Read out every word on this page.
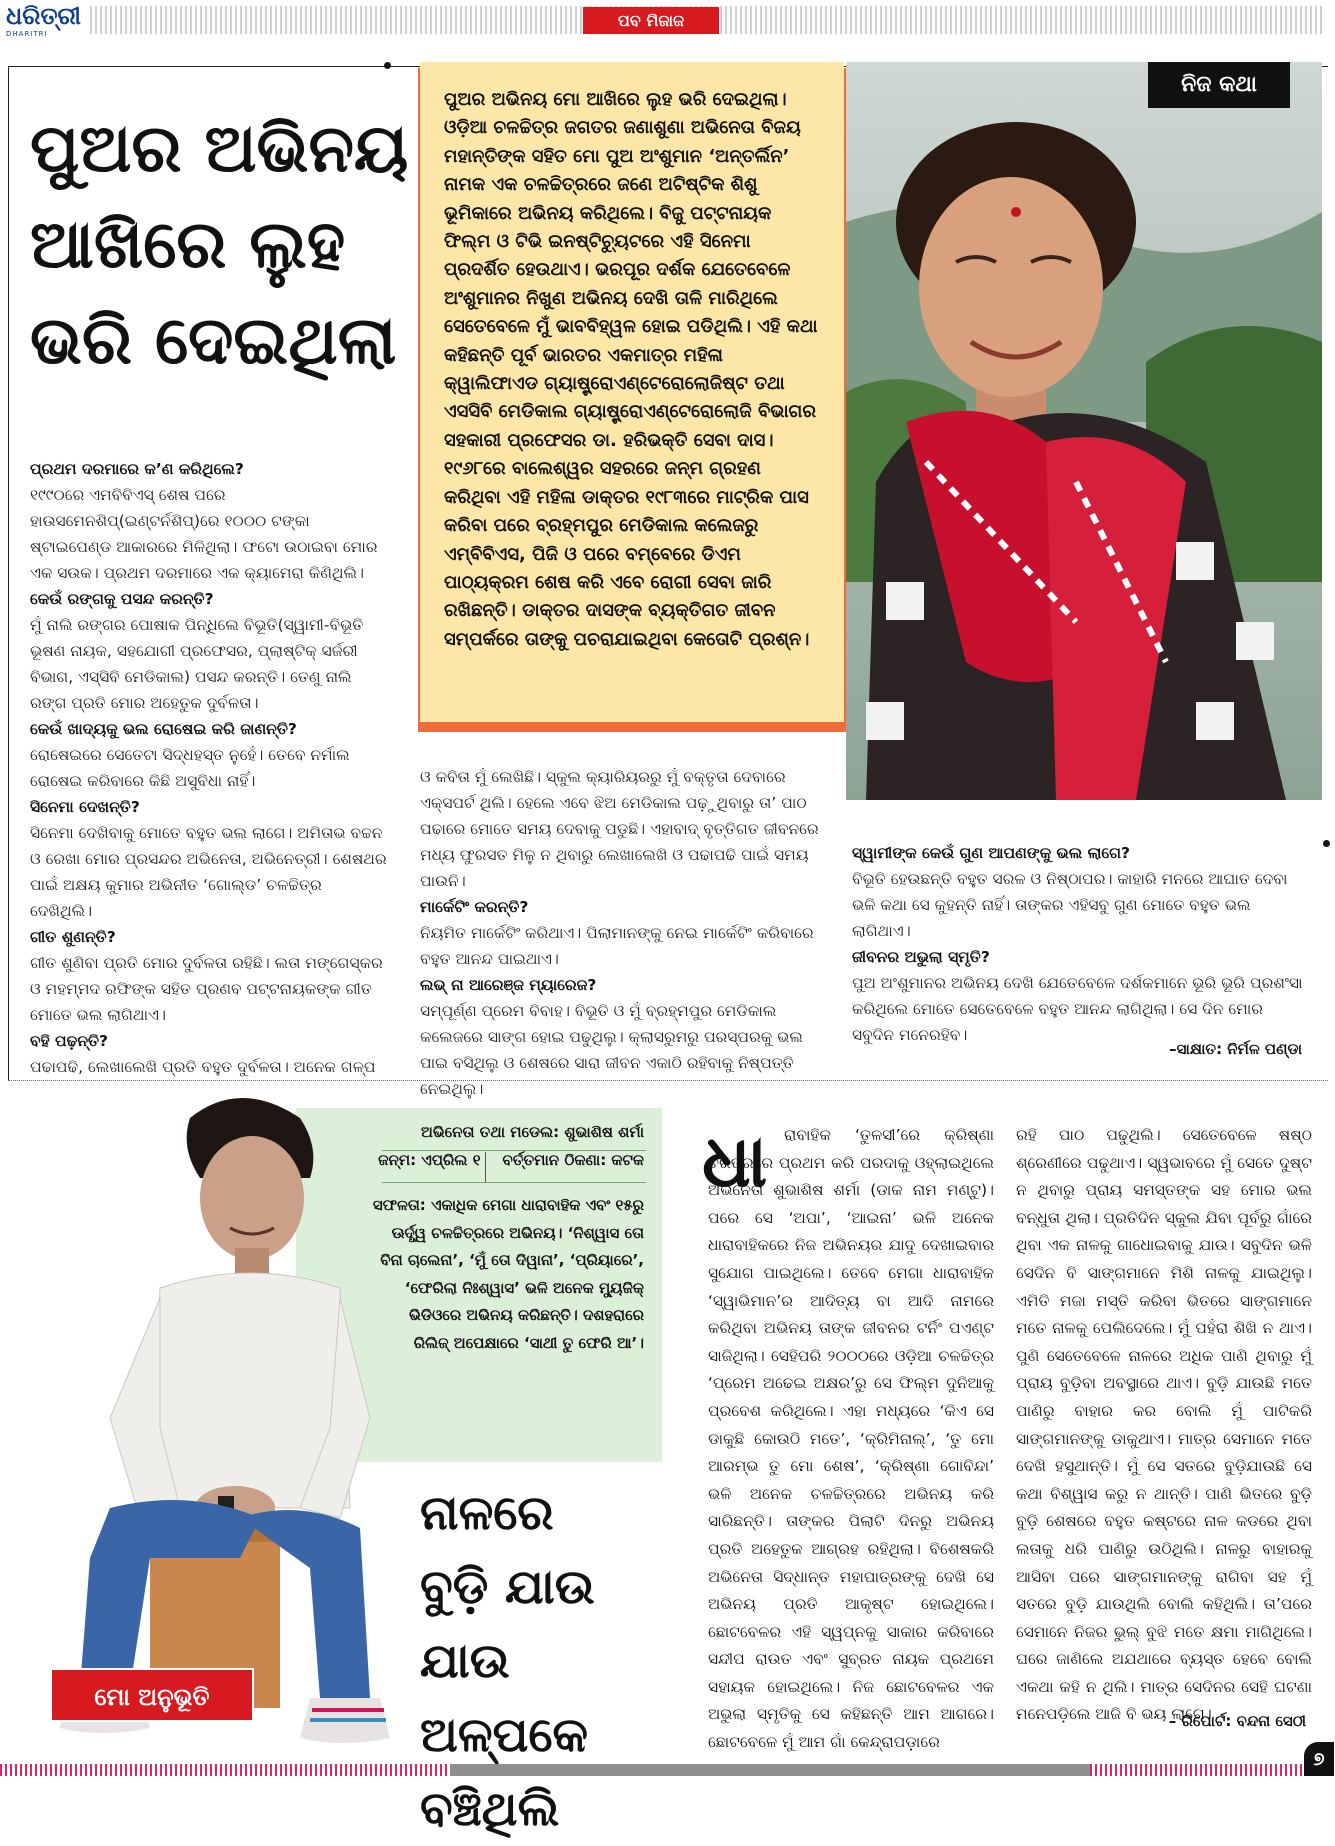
ଧରିତ୍ରୀ
DHARITRI
ପବ ମିଜାଜ
ପୁଅର ଅଭିନୟ
ଆଖିରେ ଲୁହ
ଭରି ଦେଇଥିଲା

ପୁଅର ଅଭିନୟ ମୋ ଆଖିରେ ଲୁହ ଭରି ଦେଇଥିଲା। ଓଡ଼ିଆ ଚଳଚ୍ଚିତ୍ର ଜଗତର ଜଣାଶୁଣା ଅଭିନେତା ବିଜୟ ମହାନ୍ତିଙ୍କ ସହିତ ମୋ ପୁଅ ଅଂଶୁମାନ ‘ଅନ୍ତର୍ଲିନ’ ନାମକ ଏକ ଚଳଚ୍ଚିତ୍ରରେ ଜଣେ ଅଟିଷ୍ଟିକ ଶିଶୁ ଭୂମିକାରେ ଅଭିନୟ କରିଥିଲେ। ବିଜୁ ପଟ୍ଟନାୟକ ଫିଲ୍ମ ଓ ଟିଭି ଇନଷ୍ଟିଚ୍ୟୁଟରେ ଏହି ସିନେମା ପ୍ରଦର୍ଶିତ ହେଉଥାଏ। ଭରପୂର ଦର୍ଶକ ଯେତେବେଳେ ଅଂଶୁମାନର ନିଖୁଣ ଅଭିନୟ ଦେଖି ତାଳି ମାରିଥିଲେ ସେତେବେଳେ ମୁଁ ଭାବବିହ୍ୱଳ ହୋଇ ପଡିଥିଲି। ଏହି କଥା କହିଛନ୍ତି ପୂର୍ବ ଭାରତର ଏକମାତ୍ର ମହିଳା କ୍ୱାଲିଫାଏଡ ଗ୍ୟାଷ୍ଟ୍ରୋଏଣ୍ଟେରୋଲୋଜିଷ୍ଟ ତଥା ଏସସିବି ମେଡିକାଲ ଗ୍ୟାଷ୍ଟ୍ରୋଏଣ୍ଟେରୋଲୋଜି ବିଭାଗର ସହକାରୀ ପ୍ରଫେସର ଡା. ହରିଭକ୍ତି ସେବା ଦାସ। ୧୯୬୮ରେ ବାଲେଶ୍ୱର ସହରରେ ଜନ୍ମ ଗ୍ରହଣ କରିଥିବା ଏହି ମହିଳା ଡାକ୍ତର ୧୯୮୩ରେ ମାଟ୍ରିକ ପାସ କରିବା ପରେ ବ୍ରହ୍ମପୁର ମେଡିକାଲ କଲେଜରୁ ଏମ୍‌ବିବିଏସ, ପିଜି ଓ ପରେ ବମ୍ବେରେ ଡିଏମ ପାଠ୍ୟକ୍ରମ ଶେଷ କରି ଏବେ ରୋଗୀ ସେବା ଜାରି ରଖିଛନ୍ତି। ଡାକ୍ତର ଦାସଙ୍କ ବ୍ୟକ୍ତିଗତ ଜୀବନ ସମ୍ପର୍କରେ ତାଙ୍କୁ ପଚରାଯାଇଥିବା କେତୋଟି ପ୍ରଶ୍ନ।

ନିଜ କଥା
ପ୍ରଥମ ଦରମାରେ କ’ଣ କରିଥିଲେ?
୧୯୯୦ରେ ଏମବିବିଏସ୍ ଶେଷ ପରେ ହାଉସମେନଶିପ୍(ଇଣ୍ଟର୍ନଶିପ୍)ରେ ୧୦୦୦ ଟଙ୍କା ଷ୍ଟାଇପେଣ୍ଡ ଆକାରରେ ମିଳିଥିଲା। ଫଟୋ ଉଠାଇବା ମୋର ଏକ ସଉକ। ପ୍ରଥମ ଦରମାରେ ଏକ କ୍ୟାମେରା କିଣିଥିଲି।
କେଉଁ ରଙ୍ଗକୁ ପସନ୍ଦ କରନ୍ତି?
ମୁଁ ନାଲି ରଙ୍ଗର ପୋଷାକ ପିନ୍ଧିଲେ ବିଭୂତି(ସ୍ୱାମୀ-ବିଭୂତି ଭୂଷଣ ନାୟକ, ସହଯୋଗୀ ପ୍ରଫେସର, ପ୍ଲାଷ୍ଟିକ୍ ସର୍ଜରୀ ବିଭାଗ, ଏସ୍‌ସିବି ମେଡିକାଲ) ପସନ୍ଦ କରନ୍ତି। ତେଣୁ ନାଲି ରଙ୍ଗ ପ୍ରତି ମୋର ଅହେତୁକ ଦୁର୍ବଳତା।
କେଉଁ ଖାଦ୍ୟକୁ ଭଲ ରୋଷେଇ କରି ଜାଣନ୍ତି?
ରୋଷେଇରେ ସେତେଟା ସିଦ୍ଧହସ୍ତ ନୁହେଁ। ତେବେ ନର୍ମାଲ ରୋଷେଇ କରିବାରେ କିଛି ଅସୁବିଧା ନାହିଁ।
ସିନେମା ଦେଖନ୍ତି?
ସିନେମା ଦେଖିବାକୁ ମୋତେ ବହୁତ ଭଲ ଲାଗେ। ଅମିତାଭ ବଚ୍ଚନ ଓ ରେଖା ମୋର ପ୍ରସନ୍ଦର ଅଭିନେତା, ଅଭିନେତ୍ରୀ। ଶେଷଥର ପାଇଁ ଅକ୍ଷୟ କୁମାର ଅଭିନୀତ ‘ଗୋଲ୍ଡ’ ଚଳଚ୍ଚିତ୍ର ଦେଖିଥିଲି।
ଗୀତ ଶୁଣନ୍ତି?
ଗୀତ ଶୁଣିବା ପ୍ରତି ମୋର ଦୁର୍ବଳତା ରହିଛି। ଲତା ମଙ୍ଗେସ୍କର ଓ ମହମ୍ମଦ ରଫିଙ୍କ ସହିତ ପ୍ରଣବ ପଟ୍ଟନାୟକଙ୍କ ଗୀତ ମୋତେ ଭଲ ଲାଗିଥାଏ।
ବହି ପଢ଼ନ୍ତି?
ପଢାପଢି, ଲେଖାଲେଖି ପ୍ରତି ବହୁତ ଦୁର୍ବଳତା। ଅନେକ ଗଳ୍ପ
ଓ କବିତା ମୁଁ ଲେଖିଛି। ସ୍କୁଲ କ୍ୟାରିୟରରୁ ମୁଁ ବକ୍ତୃତା ଦେବାରେ ଏକ୍ସପର୍ଟ ଥିଲି। ହେଲେ ଏବେ ଝିଅ ମେଡିକାଲ ପଢ଼ୁଥିବାରୁ ତା’ ପାଠ ପଢାରେ ମୋତେ ସମୟ ଦେବାକୁ ପଡୁଛି। ଏହାବାଦ୍ ବୃତ୍ତିଗତ ଜୀବନରେ ମଧ୍ୟ ଫୁରସତ ମିଳୁ ନ ଥିବାରୁ ଲେଖାଲେଖି ଓ ପଢାପଢି ପାଇଁ ସମୟ ପାଉନି।
ମାର୍କେଟିଂ କରନ୍ତି?
ନିୟମିତ ମାର୍କେଟିଂ କରିଥାଏ। ପିଲାମାନଙ୍କୁ ନେଇ ମାର୍କେଟିଂ କରିବାରେ ବହୁତ ଆନନ୍ଦ ପାଇଥାଏ।
ଲଭ୍ ନା ଆରେଞ୍ଜ ମ୍ୟାରେଜ?
ସମ୍ପୂର୍ଣ୍ଣ ପ୍ରେମ ବିବାହ। ବିଭୂତି ଓ ମୁଁ ବ୍ରହ୍ମପୁର ମେଡିକାଲ କଲେଜରେ ସାଙ୍ଗ ହୋଇ ପଢୁଥିଲୁ। କ୍ଲାସରୁମରୁ ପରସ୍ପରକୁ ଭଲ ପାଇ ବସିଥିଲୁ ଓ ଶେଷରେ ସାରା ଜୀବନ ଏକାଠି ରହିବାକୁ ନିଷ୍ପତ୍ତି ନେଇଥିଲୁ।
ସ୍ୱାମୀଙ୍କ କେଉଁ ଗୁଣ ଆପଣଙ୍କୁ ଭଲ ଲାଗେ?
ବିଭୂତି ହେଉଛନ୍ତି ବହୁତ ସରଳ ଓ ନିଷ୍ଠାପର। କାହାରି ମନରେ ଆଘାତ ଦେବା ଭଳି କଥା ସେ କୁହନ୍ତି ନାହିଁ। ତାଙ୍କର ଏହିସବୁ ଗୁଣ ମୋତେ ବହୁତ ଭଲ ଲାଗିଥାଏ।
ଜୀବନର ଅଭୁଲା ସ୍ମୃତି?
ପୁଅ ଅଂଶୁମାନର ଅଭିନୟ ଦେଖି ଯେତେବେଳେ ଦର୍ଶକମାନେ ଭୂରି ଭୂରି ପ୍ରଶଂସା କରିଥିଲେ ମୋତେ ସେତେବେଳେ ବହୁତ ଆନନ୍ଦ ଲାଗିଥିଲା। ସେ ଦିନ ମୋର ସବୁଦିନ ମନେରହିବ।
–ସାକ୍ଷାତ: ନିର୍ମଳ ପଣ୍ଡା
ଅଭିନେତା ତଥା ମଡେଲ: ଶୁଭାଶିଷ ଶର୍ମା
ଜନ୍ମ: ଏପ୍ରିଲ ୧ ବର୍ତ୍ତମାନ ଠିକଣା: କଟକ
ସଫଳତା: ଏକାଧିକ ମେଗା ଧାରାବାହିକ ଏବଂ ୧୫ରୁ ଊର୍ଦ୍ଧ୍ୱ ଚଳଚ୍ଚିତ୍ରରେ ଅଭିନୟ। ‘ନିଶ୍ୱାସ ତୋ ବିନା ଚାଲେନା’, ‘ମୁଁ ତୋ ଦିୱାନା’, ‘ପ୍ରିୟାରେ’, ‘ଫେରିଲା ନିଃଶ୍ୱାସ’ ଭଳି ଅନେକ ମ୍ୟୁଜିକ୍ ଭିଡିଓରେ ଅଭିନୟ କରିଛନ୍ତି। ଦଶହରାରେ ରିଲିଜ୍ ଅପେକ୍ଷାରେ ‘ସାଥୀ ତୁ ଫେରି ଆ’।
ମୋ ଅନୁଭୂତି
ନାଳରେ
ବୁଡ଼ି ଯାଉ
ଯାଉ ଅଳ୍ପକେ
ବଞ୍ଚିଥିଲି
ଧା	ରାବାହିକ ‘ତୁଳସୀ’ରେ କ୍ରିଷ୍ଣା ଚରିତ୍ରରେ ପ୍ରଥମ କରି ପରଦାକୁ ଓହ୍ଲାଇଥିଲେ ଅଭିନେତା ଶୁଭାଶିଷ ଶର୍ମା (ଡାକ ନାମ ମଣ୍ଟୁ)। ପରେ ସେ ‘ଅପା’, ‘ଆଇନା’ ଭଳି ଅନେକ ଧାରାବାହିକରେ ନିଜ ଅଭିନୟର ଯାଦୁ ଦେଖାଇବାର ସୁଯୋଗ ପାଇଥିଲେ। ତେବେ ମେଗା ଧାରାବାହିକ ‘ସ୍ୱାଭିମାନ’ର ଆଦିତ୍ୟ ବା ଆଦି ନାମରେ କରିଥିବା ଅଭିନୟ ତାଙ୍କ ଜୀବନର ଟର୍ନିଂ ପଏଣ୍ଟ ସାଜିଥିଲା। ସେହିପରି ୨୦୦୦ରେ ଓଡ଼ିଆ ଚଳଚ୍ଚିତ୍ର ‘ପ୍ରେମ ଅଢେଇ ଅକ୍ଷର’ରୁ ସେ ଫିଲ୍ମ ଦୁନିଆକୁ ପ୍ରବେଶ କରିଥିଲେ। ଏହା ମଧ୍ୟରେ ‘କିଏ ସେ ଡାକୁଛି କୋଉଠି ମତେ’, ‘କ୍ରିମିନାଲ୍’, ‘ତୁ ମୋ ଆରମ୍ଭ ତୁ ମୋ ଶେଷ’, ‘କ୍ରିଷ୍ଣା ଗୋବିନ୍ଦା’ ଭଳି ଅନେକ ଚଳଚ୍ଚିତ୍ରରେ ଅଭିନୟ କରି ସାରିଛନ୍ତି। ତାଙ୍କର ପିଲାଟି ଦିନରୁ ଅଭିନୟ ପ୍ରତି ଅହେତୁକ ଆଗ୍ରହ ରହିଥିଲା। ବିଶେଷକରି ଅଭିନେତା ସିଦ୍ଧାନ୍ତ ମହାପାତ୍ରଙ୍କୁ ଦେଖି ସେ ଅଭିନୟ ପ୍ରତି ଆକୃଷ୍ଟ ହୋଇଥିଲେ। ଛୋଟବେଳର ଏହି ସ୍ୱପ୍ନକୁ ସାକାର କରିବାରେ ସନ୍ଦୀପ ରାଉତ ଏବଂ ସୁବ୍ରତ ନାୟକ ପ୍ରଥମେ ସହାୟକ ହୋଇଥିଲେ। ନିଜ ଛୋଟବେଳର ଏକ ଅଭୁଲା ସ୍ମୃତିକୁ ସେ କହିଛନ୍ତି ଆମ ଆଗରେ। ଛୋଟବେଳେ ମୁଁ ଆମ ଗାଁ କେନ୍ଦ୍ରାପଡ଼ାରେ

ରହି ପାଠ ପଢୁଥିଲି। ସେତେବେଳେ ଷଷ୍ଠ ଶ୍ରେଣୀରେ ପଢୁଥାଏ। ସ୍ୱଭାବରେ ମୁଁ ସେତେ ଦୁଷ୍ଟ ନ ଥିବାରୁ ପ୍ରାୟ ସମସ୍ତଙ୍କ ସହ ମୋର ଭଲ ବନ୍ଧୁତା ଥିଲା। ପ୍ରତିଦିନ ସ୍କୁଲ ଯିବା ପୂର୍ବରୁ ଗାଁରେ ଥିବା ଏକ ନାଳକୁ ଗାଧୋଇବାକୁ ଯାଉ। ସବୁଦିନ ଭଳି ସେଦିନ ବି ସାଙ୍ଗମାନେ ମିଶି ନାଳକୁ ଯାଇଥିଲୁ। ଏମିତି ମଜା ମସ୍ତି କରିବା ଭିତରେ ସାଙ୍ଗମାନେ ମତେ ନାଳକୁ ପେଲିଦେଲେ। ମୁଁ ପହଁରା ଶିଖି ନ ଥାଏ। ପୁଣି ସେତେବେଳେ ନାଳରେ ଅଧିକ ପାଣି ଥିବାରୁ ମୁଁ ପ୍ରାୟ ବୁଡ଼ିବା ଅବସ୍ଥାରେ ଥାଏ। ବୁଡ଼ି ଯାଉଛି ମତେ ପାଣିରୁ ବାହାର କର ବୋଲି ମୁଁ ପାଟିକରି ସାଙ୍ଗମାନଙ୍କୁ ଡାକୁଥାଏ। ମାତ୍ର ସେମାନେ ମତେ ଦେଖି ହସୁଥାନ୍ତି। ମୁଁ ସେ ସତରେ ବୁଡ଼ିଯାଉଛି ସେ କଥା ବିଶ୍ୱାସ କରୁ ନ ଥାନ୍ତି। ପାଣି ଭିତରେ ବୁଡ଼ି ବୁଡ଼ି ଶେଷରେ ବହୁତ କଷ୍ଟରେ ନାଳ କଡରେ ଥିବା ଲତାକୁ ଧରି ପାଣିରୁ ଉଠିଥିଲି। ନାଳରୁ ବାହାରକୁ ଆସିବା ପରେ ସାଙ୍ଗମାନଙ୍କୁ ରାଗିବା ସହ ମୁଁ ସତରେ ବୁଡ଼ି ଯାଉଥିଲି ବୋଲି କହିଥିଲି। ତା’ପରେ ସେମାନେ ନିଜର ଭୁଲ୍ ବୁଝି ମତେ କ୍ଷମା ମାଗିଥିଲେ। ଘରେ ଜାଣିଲେ ଅଯଥାରେ ବ୍ୟସ୍ତ ହେବେ ବୋଲି ଏକଥା କହି ନ ଥିଲି। ମାତ୍ର ସେଦିନର ସେହି ଘଟଣା ମନେପଡ଼ିଲେ ଆଜି ବି ଭୟ ଲାଗେ।

– ରିପୋର୍ଟ: ବନ୍ଦନା ସେଠୀ
୭
